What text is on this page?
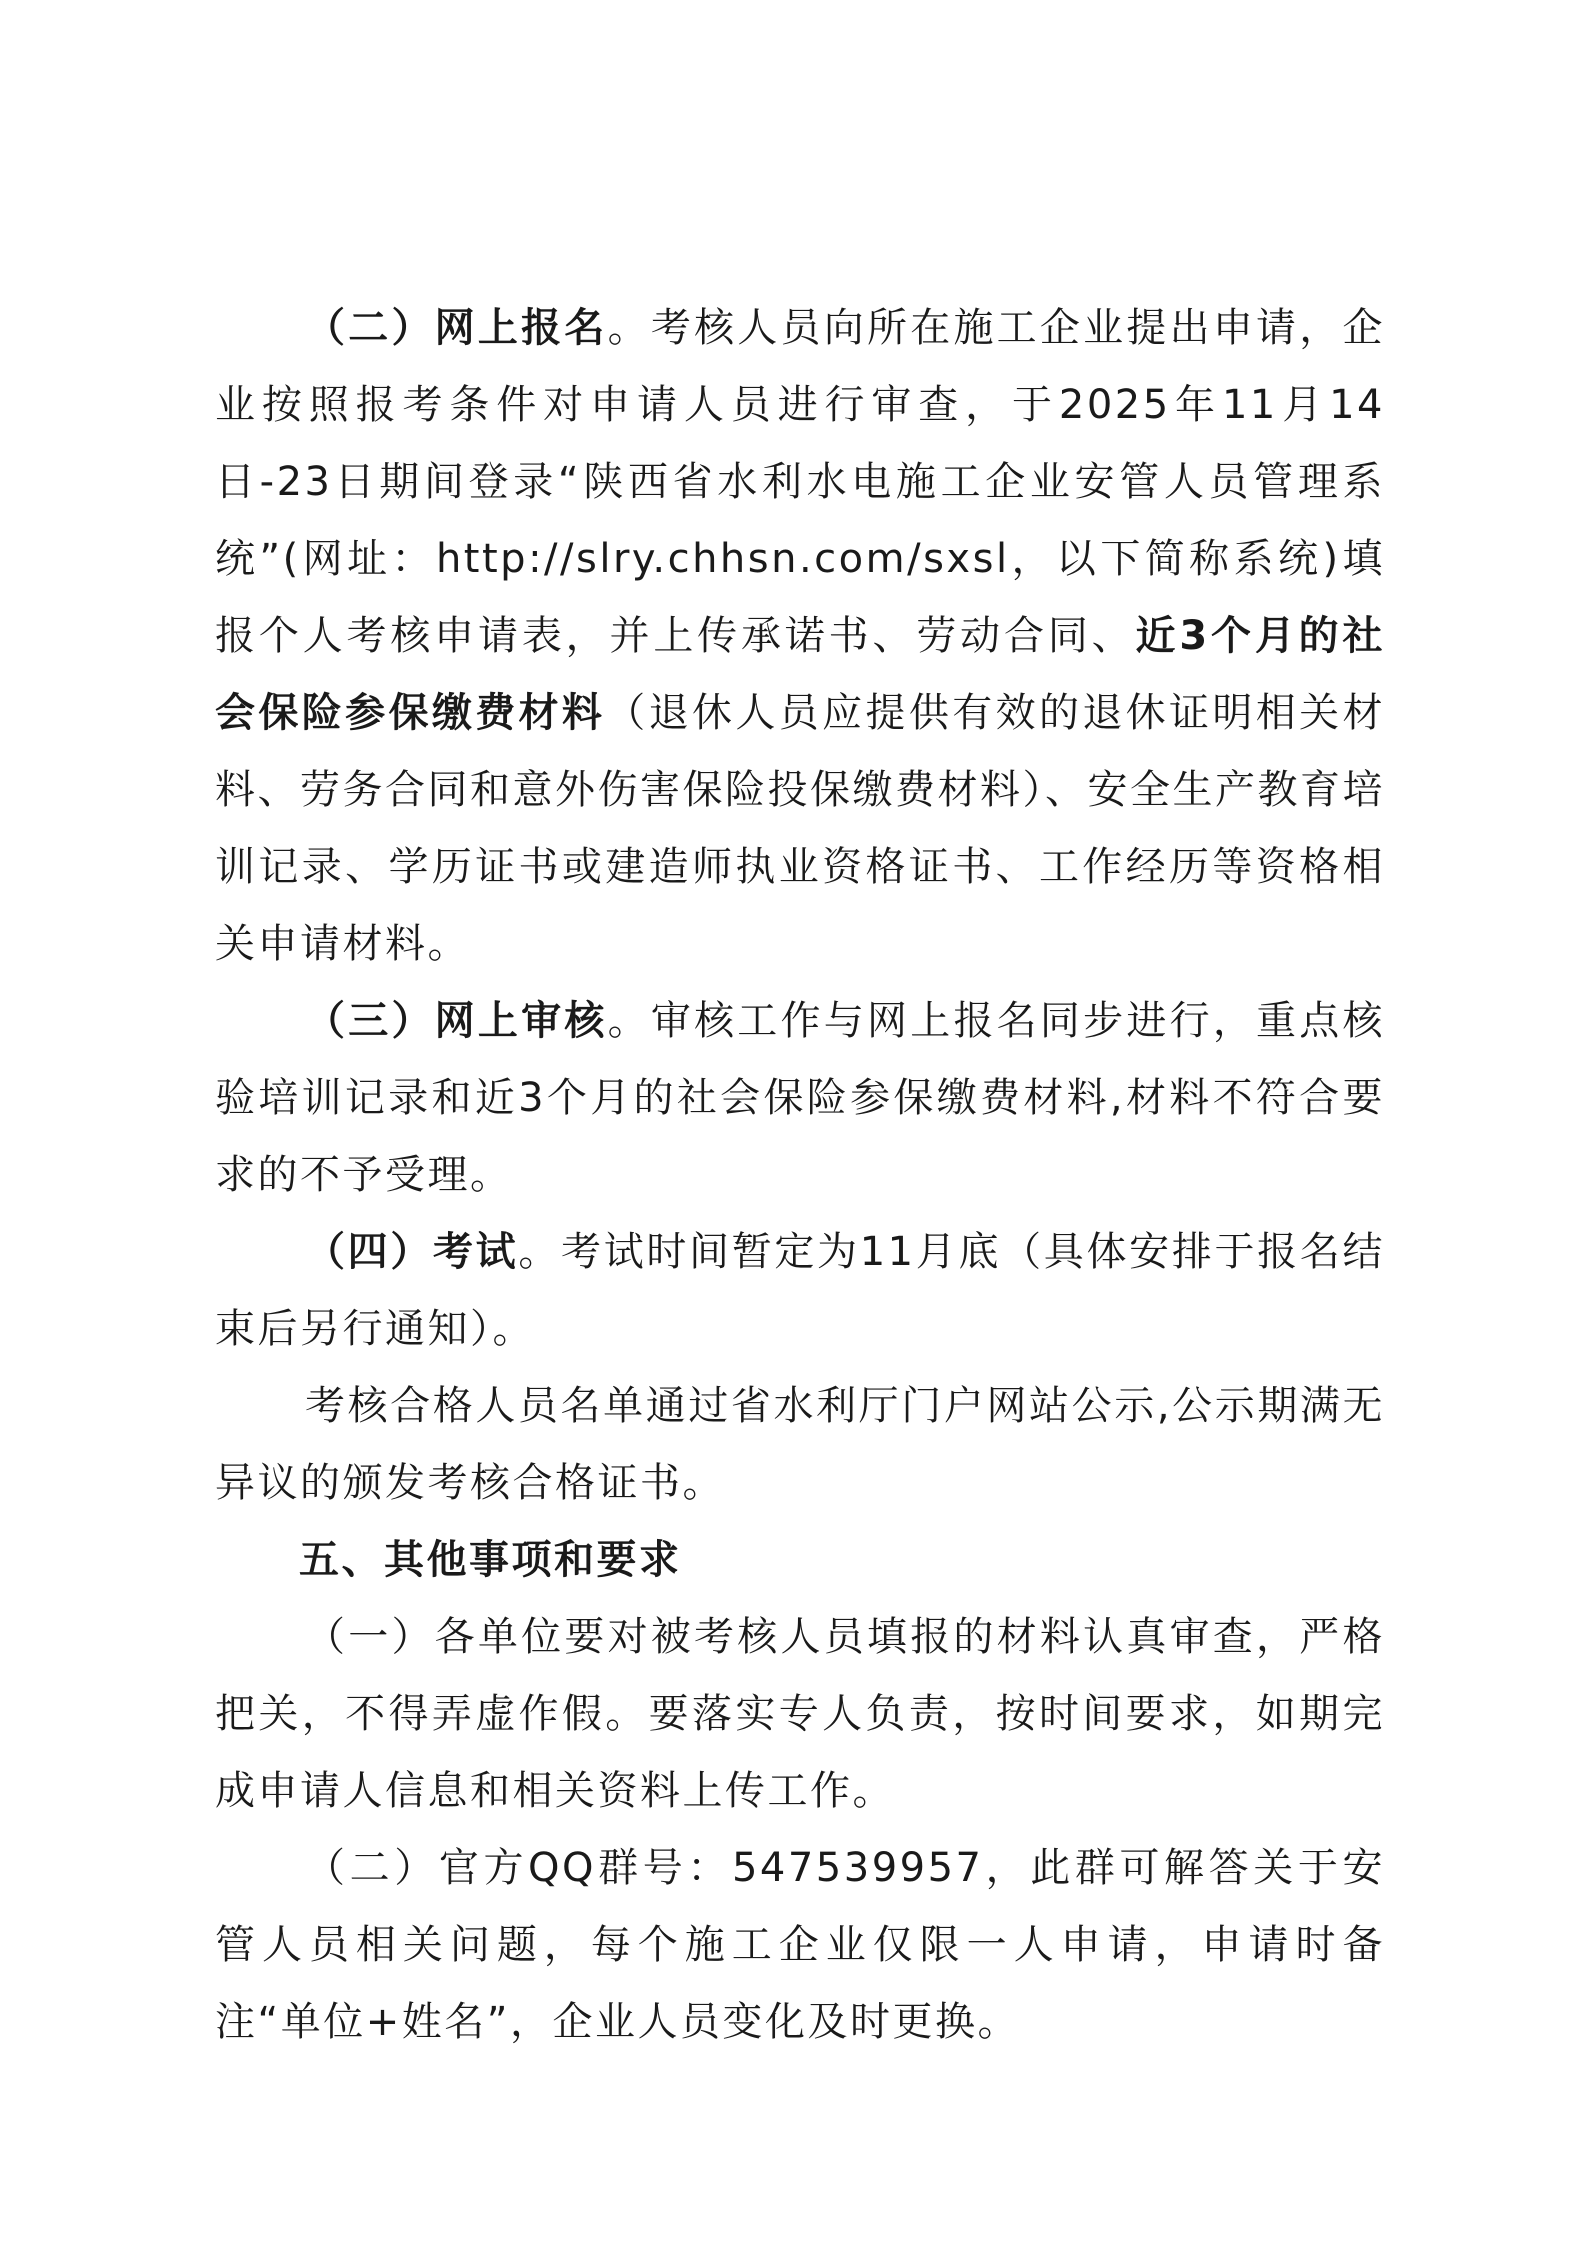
（二）网上报名。考核人员向所在施工企业提出申请，企业按照报考条件对申请人员进行审查，于2025年11月14日-23日期间登录“陕西省水利水电施工企业安管人员管理系统”(网址：http://slry.chhsn.com/sxsl，以下简称系统)填报个人考核申请表，并上传承诺书、劳动合同、近3个月的社会保险参保缴费材料（退休人员应提供有效的退休证明相关材料、劳务合同和意外伤害保险投保缴费材料）、安全生产教育培训记录、学历证书或建造师执业资格证书、工作经历等资格相关申请材料。

（三）网上审核。审核工作与网上报名同步进行，重点核验培训记录和近3个月的社会保险参保缴费材料,材料不符合要求的不予受理。

（四）考试。考试时间暂定为11月底（具体安排于报名结束后另行通知）。

考核合格人员名单通过省水利厅门户网站公示,公示期满无异议的颁发考核合格证书。

五、其他事项和要求

（一）各单位要对被考核人员填报的材料认真审查，严格把关，不得弄虚作假。要落实专人负责，按时间要求，如期完成申请人信息和相关资料上传工作。

（二）官方QQ群号：547539957，此群可解答关于安管人员相关问题，每个施工企业仅限一人申请，申请时备注“单位+姓名”，企业人员变化及时更换。
